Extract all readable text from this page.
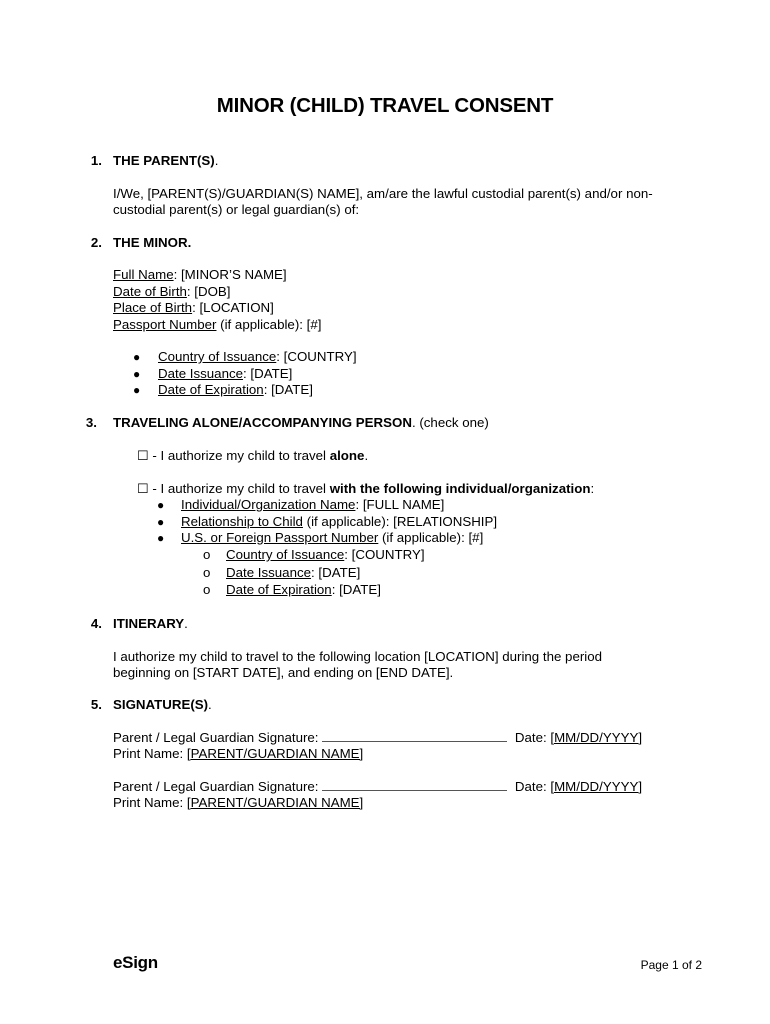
MINOR (CHILD) TRAVEL CONSENT
1. THE PARENT(S).
I/We, [PARENT(S)/GUARDIAN(S) NAME], am/are the lawful custodial parent(s) and/or non-
custodial parent(s) or legal guardian(s) of:
2. THE MINOR.
Full Name: [MINOR’S NAME]
Date of Birth: [DOB]
Place of Birth: [LOCATION]
Passport Number (if applicable): [#]
● Country of Issuance: [COUNTRY]
● Date Issuance: [DATE]
● Date of Expiration: [DATE]
3. TRAVELING ALONE/ACCOMPANYING PERSON. (check one)
☐ - I authorize my child to travel alone.
☐ - I authorize my child to travel with the following individual/organization:
● Individual/Organization Name: [FULL NAME]
● Relationship to Child (if applicable): [RELATIONSHIP]
● U.S. or Foreign Passport Number (if applicable): [#]
o Country of Issuance: [COUNTRY]
o Date Issuance: [DATE]
o Date of Expiration: [DATE]
4. ITINERARY.
I authorize my child to travel to the following location [LOCATION] during the period
beginning on [START DATE], and ending on [END DATE].
5. SIGNATURE(S).
Parent / Legal Guardian Signature:	Date: [MM/DD/YYYY]
Print Name: [PARENT/GUARDIAN NAME]
Parent / Legal Guardian Signature:	Date: [MM/DD/YYYY]
Print Name: [PARENT/GUARDIAN NAME]
eSign	Page 1 of 2
